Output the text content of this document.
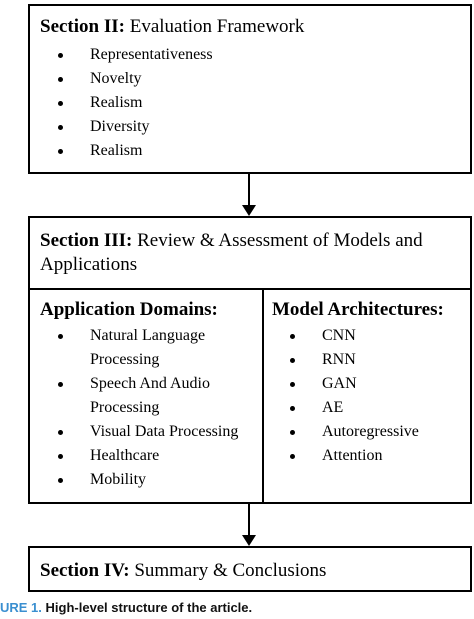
Section II: Evaluation Framework
Representativeness
Novelty
Realism
Diversity
Realism
Section III: Review & Assessment of Models and Applications
Application Domains:
Natural Language Processing
Speech And Audio Processing
Visual Data Processing
Healthcare
Mobility
Model Architectures:
CNN
RNN
GAN
AE
Autoregressive
Attention
Section IV: Summary & Conclusions
URE 1. High-level structure of the article.
